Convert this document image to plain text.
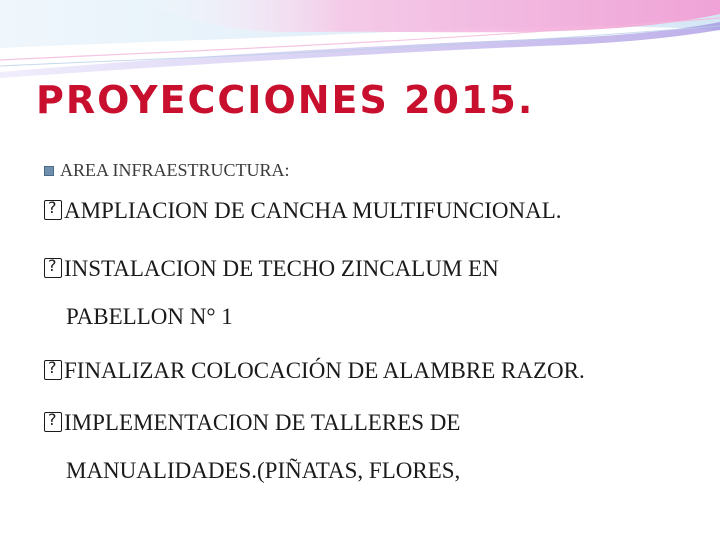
PROYECCIONES 2015.
AREA INFRAESTRUCTURA:
?
AMPLIACION DE CANCHA MULTIFUNCIONAL.
?
INSTALACION DE TECHO ZINCALUM EN
PABELLON N° 1
?
FINALIZAR COLOCACIÓN DE ALAMBRE RAZOR.
?
IMPLEMENTACION DE TALLERES DE
MANUALIDADES.(PIÑATAS, FLORES,
